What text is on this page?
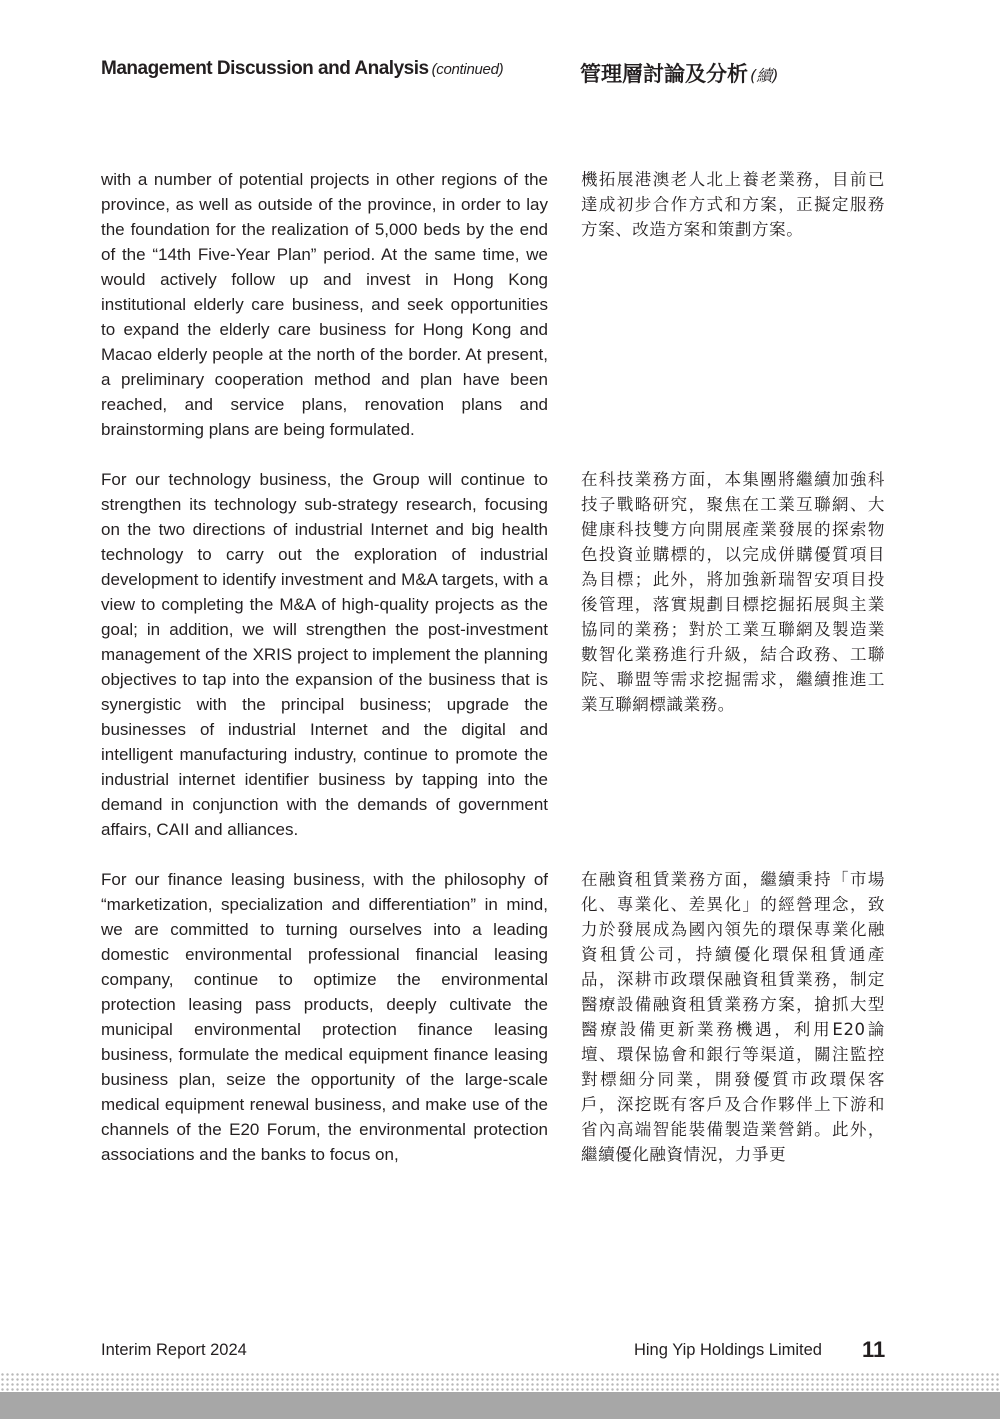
Management Discussion and Analysis (continued)	管理層討論及分析 (續)

with a number of potential projects in other regions of the province, as well as outside of the province, in order to lay the foundation for the realization of 5,000 beds by the end of the “14th Five-Year Plan” period. At the same time, we would actively follow up and invest in Hong Kong institutional elderly care business, and seek opportunities to expand the elderly care business for Hong Kong and Macao elderly people at the north of the border. At present, a preliminary cooperation method and plan have been reached, and service plans, renovation plans and brainstorming plans are being formulated.

機拓展港澳老人北上養老業務，目前已達成初步合作方式和方案，正擬定服務方案、改造方案和策劃方案。

For our technology business, the Group will continue to strengthen its technology sub-strategy research, focusing on the two directions of industrial Internet and big health technology to carry out the exploration of industrial development to identify investment and M&A targets, with a view to completing the M&A of high-quality projects as the goal; in addition, we will strengthen the post-investment management of the XRIS project to implement the planning objectives to tap into the expansion of the business that is synergistic with the principal business; upgrade the businesses of industrial Internet and the digital and intelligent manufacturing industry, continue to promote the industrial internet identifier business by tapping into the demand in conjunction with the demands of government affairs, CAII and alliances.

在科技業務方面，本集團將繼續加強科技子戰略研究，聚焦在工業互聯網、大健康科技雙方向開展產業發展的探索物色投資並購標的，以完成併購優質項目為目標；此外，將加強新瑞智安項目投後管理，落實規劃目標挖掘拓展與主業協同的業務；對於工業互聯網及製造業數智化業務進行升級，結合政務、工聯院、聯盟等需求挖掘需求，繼續推進工業互聯網標識業務。

For our finance leasing business, with the philosophy of “marketization, specialization and differentiation” in mind, we are committed to turning ourselves into a leading domestic environmental professional financial leasing company, continue to optimize the environmental protection leasing pass products, deeply cultivate the municipal environmental protection finance leasing business, formulate the medical equipment finance leasing business plan, seize the opportunity of the large-scale medical equipment renewal business, and make use of the channels of the E20 Forum, the environmental protection associations and the banks to focus on,

在融資租賃業務方面，繼續秉持「市場化、專業化、差異化」的經營理念，致力於發展成為國內領先的環保專業化融資租賃公司，持續優化環保租賃通產品，深耕市政環保融資租賃業務，制定醫療設備融資租賃業務方案，搶抓大型醫療設備更新業務機遇，利用E20論壇、環保協會和銀行等渠道，關注監控對標細分同業，開發優質市政環保客戶，深挖既有客戶及合作夥伴上下游和省內高端智能裝備製造業營銷。此外，繼續優化融資情況，力爭更

Interim Report 2024	Hing Yip Holdings Limited 11
